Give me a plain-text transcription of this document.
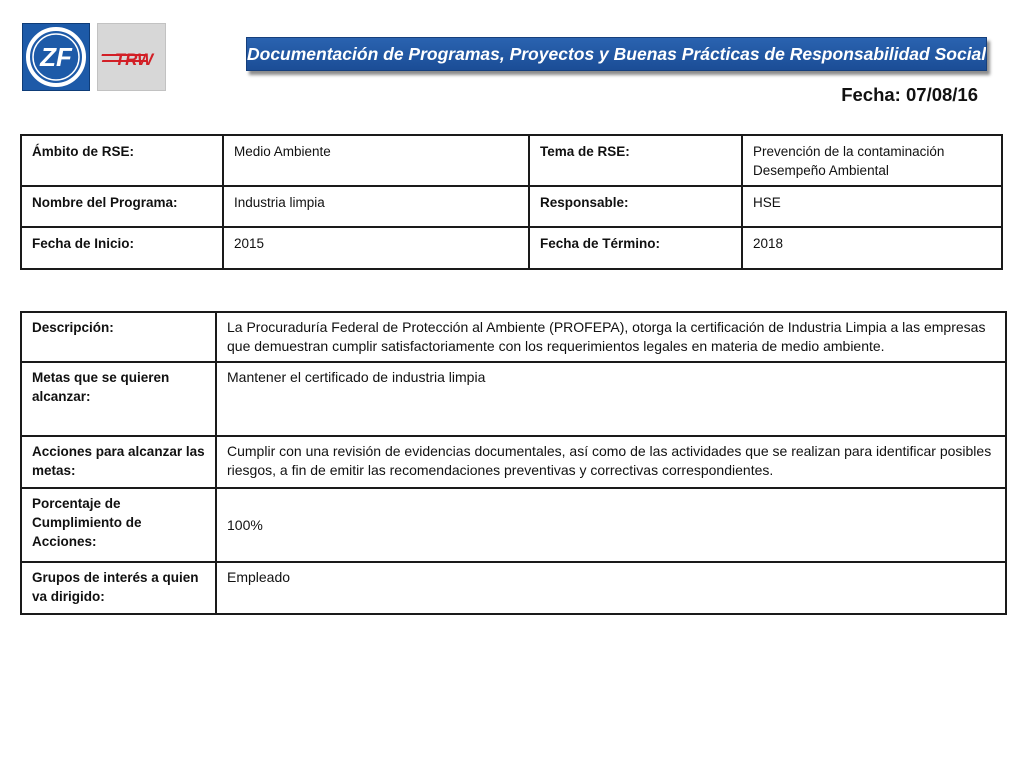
ZF	TRW	Documentación de Programas, Proyectos y Buenas Prácticas de Responsabilidad Social
Fecha: 07/08/16
Ámbito de RSE:	Medio Ambiente	Tema de RSE:	Prevención de la contaminación
Desempeño Ambiental

Nombre del Programa:	Industria limpia	Responsable:	HSE
Fecha de Inicio:	2015	Fecha de Término:	2018
Descripción:	La Procuraduría Federal de Protección al Ambiente (PROFEPA), otorga la certificación de Industria Limpia a las empresas que demuestran cumplir satisfactoriamente con los requerimientos legales en materia de medio ambiente.
Metas que se quieren alcanzar:	Mantener el certificado de industria limpia
Acciones para alcanzar las metas:	Cumplir con una revisión de evidencias documentales, así como de las actividades que se realizan para identificar posibles riesgos, a fin de emitir las recomendaciones preventivas y correctivas correspondientes.
Porcentaje de Cumplimiento de Acciones:	100%
Grupos de interés a quien va dirigido:	Empleado
